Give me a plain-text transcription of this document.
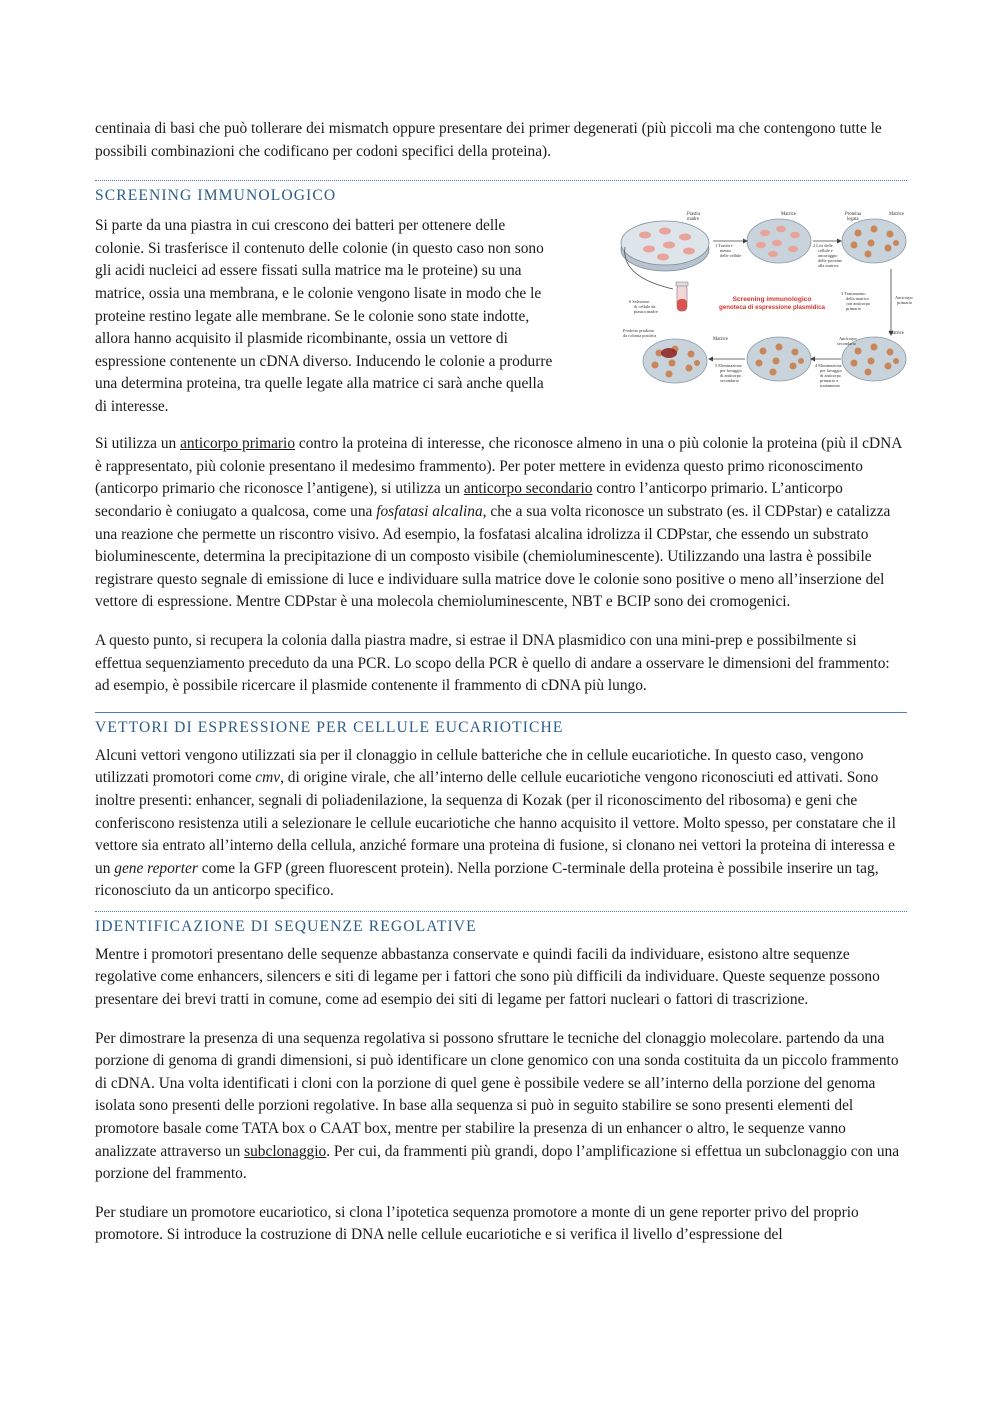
centinaia di basi che può tollerare dei mismatch oppure presentare dei primer degenerati (più piccoli ma che contengono tutte le possibili combinazioni che codificano per codoni specifici della proteina).

SCREENING IMMUNOLOGICO

Si parte da una piastra in cui crescono dei batteri per ottenere delle colonie. Si trasferisce il contenuto delle colonie (in questo caso non sono gli acidi nucleici ad essere fissati sulla matrice ma le proteine) su una matrice, ossia una membrana, e le colonie vengono lisate in modo che le proteine restino legate alle membrane. Se le colonie sono state indotte, allora hanno acquisito il plasmide ricombinante, ossia un vettore di espressione contenente un cDNA diverso. Inducendo le colonie a produrre una determina proteina, tra quelle legate alla matrice ci sarà anche quella di interesse.

Piastra
madre
Matrice	Proteina
legata
Matrice
1 Trasferi-
mento
delle cellule
2 Lisi delle
cellule e
ancoraggio
delle proteine
alla matrice
3 Trattamento
della matrice
con anticorpo
primario
Anticorpo
primario
Screening immunologico
genoteca di espressione plasmidica
6 Selezione
di cellule da
piastra madre
Matrice
Matrice
Prodotto prodotto
da colonia positiva
Anticorpo
secondario
4 Eliminazione
per lavaggio
di anticorpo
primario e
trattamento
5 Eliminazione
per lavaggio
di anticorpo
secondario

Si utilizza un anticorpo primario contro la proteina di interesse, che riconosce almeno in una o più colonie la proteina (più il cDNA è rappresentato, più colonie presentano il medesimo frammento). Per poter mettere in evidenza questo primo riconoscimento (anticorpo primario che riconosce l’antigene), si utilizza un anticorpo secondario contro l’anticorpo primario. L’anticorpo secondario è coniugato a qualcosa, come una fosfatasi alcalina, che a sua volta riconosce un substrato (es. il CDPstar) e catalizza una reazione che permette un riscontro visivo. Ad esempio, la fosfatasi alcalina idrolizza il CDPstar, che essendo un substrato bioluminescente, determina la precipitazione di un composto visibile (chemioluminescente). Utilizzando una lastra è possibile registrare questo segnale di emissione di luce e individuare sulla matrice dove le colonie sono positive o meno all’inserzione del vettore di espressione. Mentre CDPstar è una molecola chemioluminescente, NBT e BCIP sono dei cromogenici.

A questo punto, si recupera la colonia dalla piastra madre, si estrae il DNA plasmidico con una mini-prep e possibilmente si effettua sequenziamento preceduto da una PCR. Lo scopo della PCR è quello di andare a osservare le dimensioni del frammento: ad esempio, è possibile ricercare il plasmide contenente il frammento di cDNA più lungo.

VETTORI DI ESPRESSIONE PER CELLULE EUCARIOTICHE

Alcuni vettori vengono utilizzati sia per il clonaggio in cellule batteriche che in cellule eucariotiche. In questo caso, vengono utilizzati promotori come cmv, di origine virale, che all’interno delle cellule eucariotiche vengono riconosciuti ed attivati. Sono inoltre presenti: enhancer, segnali di poliadenilazione, la sequenza di Kozak (per il riconoscimento del ribosoma) e geni che conferiscono resistenza utili a selezionare le cellule eucariotiche che hanno acquisito il vettore. Molto spesso, per constatare che il vettore sia entrato all’interno della cellula, anziché formare una proteina di fusione, si clonano nei vettori la proteina di interessa e un gene reporter come la GFP (green fluorescent protein). Nella porzione C-terminale della proteina è possibile inserire un tag, riconosciuto da un anticorpo specifico.

IDENTIFICAZIONE DI SEQUENZE REGOLATIVE

Mentre i promotori presentano delle sequenze abbastanza conservate e quindi facili da individuare, esistono altre sequenze regolative come enhancers, silencers e siti di legame per i fattori che sono più difficili da individuare. Queste sequenze possono presentare dei brevi tratti in comune, come ad esempio dei siti di legame per fattori nucleari o fattori di trascrizione.

Per dimostrare la presenza di una sequenza regolativa si possono sfruttare le tecniche del clonaggio molecolare. partendo da una porzione di genoma di grandi dimensioni, si può identificare un clone genomico con una sonda costituita da un piccolo frammento di cDNA. Una volta identificati i cloni con la porzione di quel gene è possibile vedere se all’interno della porzione del genoma isolata sono presenti delle porzioni regolative. In base alla sequenza si può in seguito stabilire se sono presenti elementi del promotore basale come TATA box o CAAT box, mentre per stabilire la presenza di un enhancer o altro, le sequenze vanno analizzate attraverso un subclonaggio. Per cui, da frammenti più grandi, dopo l’amplificazione si effettua un subclonaggio con una porzione del frammento.

Per studiare un promotore eucariotico, si clona l’ipotetica sequenza promotore a monte di un gene reporter privo del proprio promotore. Si introduce la costruzione di DNA nelle cellule eucariotiche e si verifica il livello d’espressione del
